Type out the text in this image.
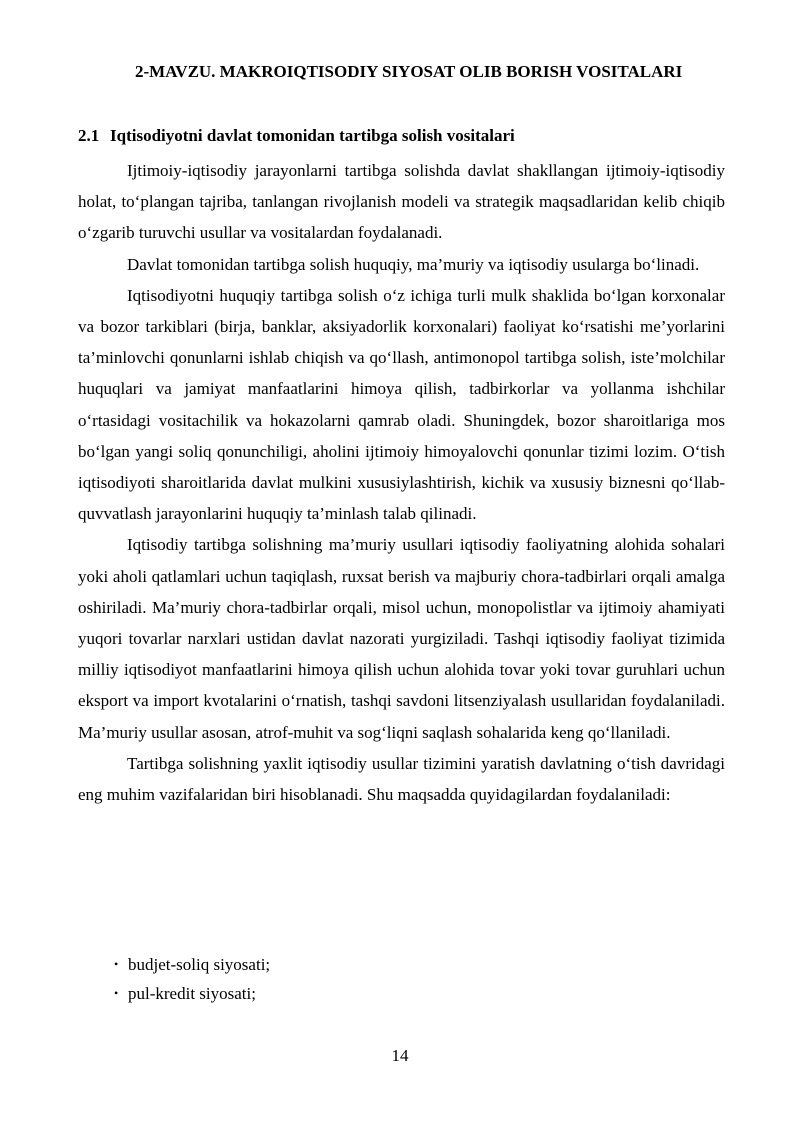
2-MAVZU. MAKROIQTISODIY SIYOSAT OLIB BORISH VOSITALARI
2.1 Iqtisodiyotni davlat tomonidan tartibga solish vositalari

Ijtimoiy-iqtisodiy jarayonlarni tartibga solishda davlat shakllangan ijtimoiy-iqtisodiy holat, to‘plangan tajriba, tanlangan rivojlanish modeli va strategik maqsadlaridan kelib chiqib o‘zgarib turuvchi usullar va vositalardan foydalanadi.

Davlat tomonidan tartibga solish huquqiy, ma’muriy va iqtisodiy usularga bo‘linadi.

Iqtisodiyotni huquqiy tartibga solish o‘z ichiga turli mulk shaklida bo‘lgan korxonalar va bozor tarkiblari (birja, banklar, aksiyadorlik korxonalari) faoliyat ko‘rsatishi me’yorlarini ta’minlovchi qonunlarni ishlab chiqish va qo‘llash, antimonopol tartibga solish, iste’molchilar huquqlari va jamiyat manfaatlarini himoya qilish, tadbirkorlar va yollanma ishchilar o‘rtasidagi vositachilik va hokazolarni qamrab oladi. Shuningdek, bozor sharoitlariga mos bo‘lgan yangi soliq qonunchiligi, aholini ijtimoiy himoyalovchi qonunlar tizimi lozim. O‘tish iqtisodiyoti sharoitlarida davlat mulkini xususiylashtirish, kichik va xususiy biznesni qo‘llab-quvvatlash jarayonlarini huquqiy ta’minlash talab qilinadi.

Iqtisodiy tartibga solishning ma’muriy usullari iqtisodiy faoliyatning alohida sohalari yoki aholi qatlamlari uchun taqiqlash, ruxsat berish va majburiy chora-tadbirlari orqali amalga oshiriladi. Ma’muriy chora-tadbirlar orqali, misol uchun, monopolistlar va ijtimoiy ahamiyati yuqori tovarlar narxlari ustidan davlat nazorati yurgiziladi. Tashqi iqtisodiy faoliyat tizimida milliy iqtisodiyot manfaatlarini himoya qilish uchun alohida tovar yoki tovar guruhlari uchun eksport va import kvotalarini o‘rnatish, tashqi savdoni litsenziyalash usullaridan foydalaniladi. Ma’muriy usullar asosan, atrof-muhit va sog‘liqni saqlash sohalarida keng qo‘llaniladi.

Tartibga solishning yaxlit iqtisodiy usullar tizimini yaratish davlatning o‘tish davridagi eng muhim vazifalaridan biri hisoblanadi. Shu maqsadda quyidagilardan foydalaniladi:

• budjet-soliq siyosati;
• pul-kredit siyosati;
14
